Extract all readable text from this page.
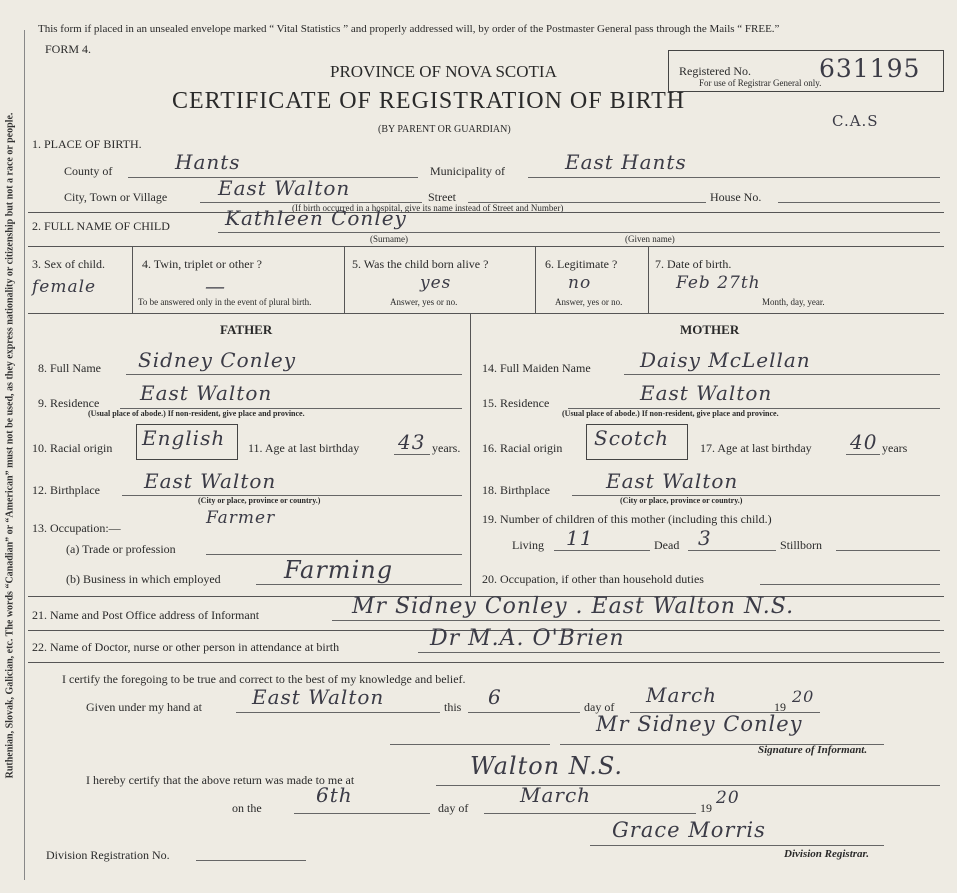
Ruthenian, Slovak, Galician, etc. The words “Canadian” or “American” must not be used, as they express nationality or citizenship but not a race or people.
This form if placed in an unsealed envelope marked “ Vital Statistics ” and properly addressed will, by order of the Postmaster General pass through the Mails “ FREE.”
FORM 4.
PROVINCE OF NOVA SCOTIA
CERTIFICATE OF REGISTRATION OF BIRTH
(BY PARENT OR GUARDIAN)
Registered No.	631195
For use of Registrar General only.
C.A.S
1. PLACE OF BIRTH.
County of	Hants	Municipality of	East Hants
City, Town or Village	East Walton	Street	House No.
(If birth occurred in a hospital, give its name instead of Street and Number)
2. FULL NAME OF CHILD	Kathleen Conley
(Surname)	(Given name)
3. Sex of child.
female
4. Twin, triplet or other ?
—
To be answered only in the event of plural birth.
5. Was the child born alive ?
yes
Answer, yes or no.
6. Legitimate ?
no
Answer, yes or no.
7. Date of birth.
Feb 27th
Month, day, year.
FATHER
8. Full Name Sidney Conley
9. Residence East Walton
(Usual place of abode.) If non-resident, give place and province.
10. Racial origin English 11. Age at last birthday 43 years.
12. Birthplace East Walton
(City or place, province or country.)
13. Occupation:—	Farmer
(a) Trade or profession
(b) Business in which employed	Farming
MOTHER
14. Full Maiden Name Daisy McLellan
15. Residence	East Walton
(Usual place of abode.) If non-resident, give place and province.
16. Racial origin Scotch	17. Age at last birthday 40 years
18. Birthplace	East Walton
(City or place, province or country.)
19. Number of children of this mother (including this child.)
Living 11	Dead 3	Stillborn
20. Occupation, if other than household duties
21. Name and Post Office address of Informant	Mr Sidney Conley . East Walton N.S.
22. Name of Doctor, nurse or other person in attendance at birth	Dr M.A. O'Brien
I certify the foregoing to be true and correct to the best of my knowledge and belief.
Given under my hand at	East Walton	this 6	day of March	19
20
Mr Sidney Conley
Signature of Informant.
I hereby certify that the above return was made to me at	Walton N.S.
on the
6th
day of
March
19 20
Grace Morris
Division Registration No.	Division Registrar.
